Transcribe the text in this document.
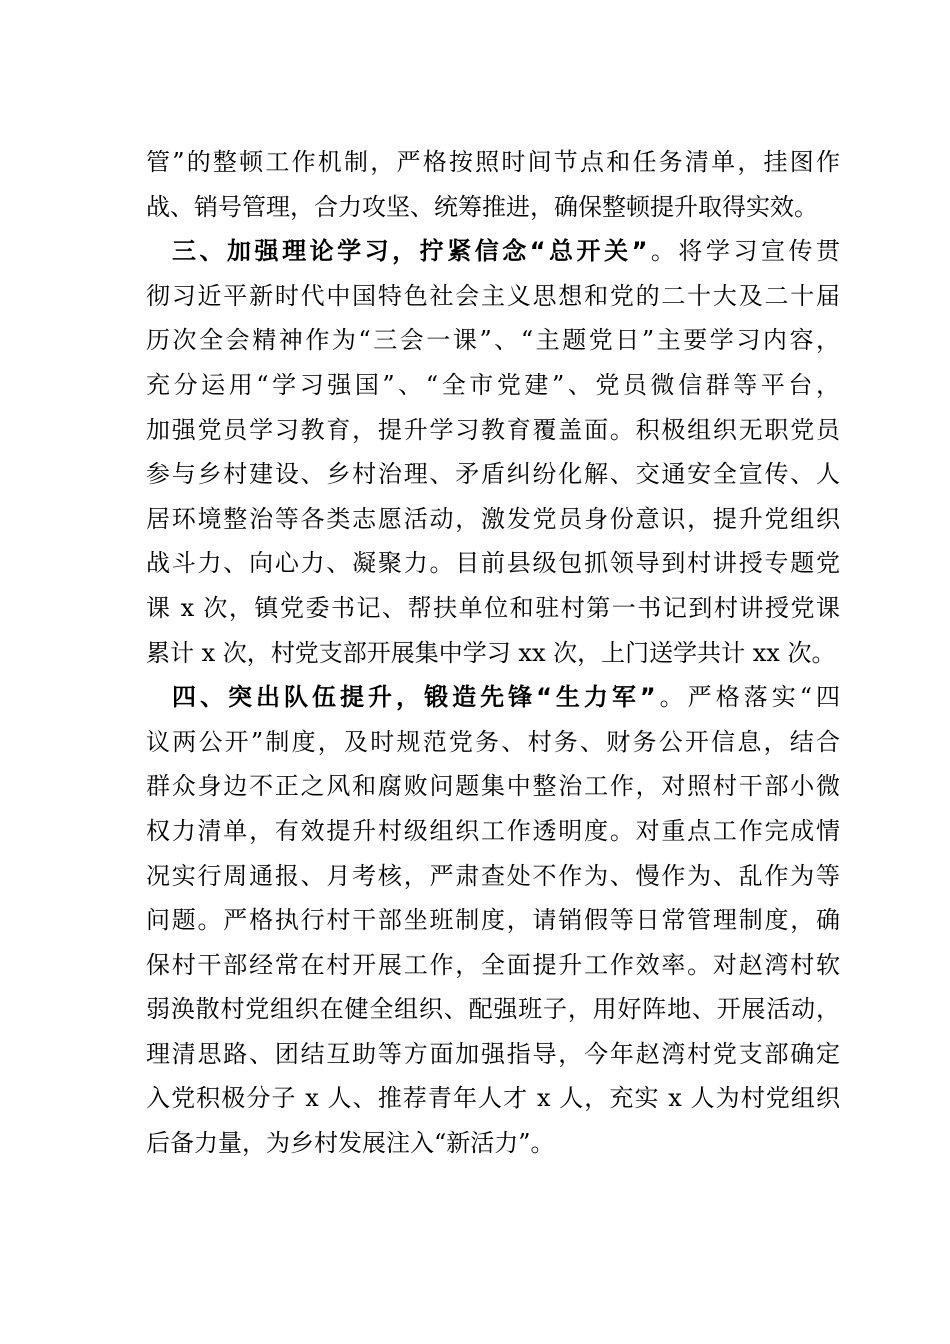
管”的整顿工作机制，严格按照时间节点和任务清单，挂图作
战、销号管理，合力攻坚、统筹推进，确保整顿提升取得实效。
三、加强理论学习，拧紧信念“总开关”。将学习宣传贯
彻习近平新时代中国特色社会主义思想和党的二十大及二十届
历次全会精神作为“三会一课”、“主题党日”主要学习内容，
充分运用“学习强国”、“全市党建”、党员微信群等平台，
加强党员学习教育，提升学习教育覆盖面。积极组织无职党员
参与乡村建设、乡村治理、矛盾纠纷化解、交通安全宣传、人
居环境整治等各类志愿活动，激发党员身份意识，提升党组织
战斗力、向心力、凝聚力。目前县级包抓领导到村讲授专题党
课 x 次，镇党委书记、帮扶单位和驻村第一书记到村讲授党课
累计 x 次，村党支部开展集中学习 xx 次，上门送学共计 xx 次。
四、突出队伍提升，锻造先锋“生力军”。严格落实“四
议两公开”制度，及时规范党务、村务、财务公开信息，结合
群众身边不正之风和腐败问题集中整治工作，对照村干部小微
权力清单，有效提升村级组织工作透明度。对重点工作完成情
况实行周通报、月考核，严肃查处不作为、慢作为、乱作为等
问题。严格执行村干部坐班制度，请销假等日常管理制度，确
保村干部经常在村开展工作，全面提升工作效率。对赵湾村软
弱涣散村党组织在健全组织、配强班子，用好阵地、开展活动，
理清思路、团结互助等方面加强指导，今年赵湾村党支部确定
入党积极分子 x 人、推荐青年人才 x 人，充实 x 人为村党组织
后备力量，为乡村发展注入“新活力”。
